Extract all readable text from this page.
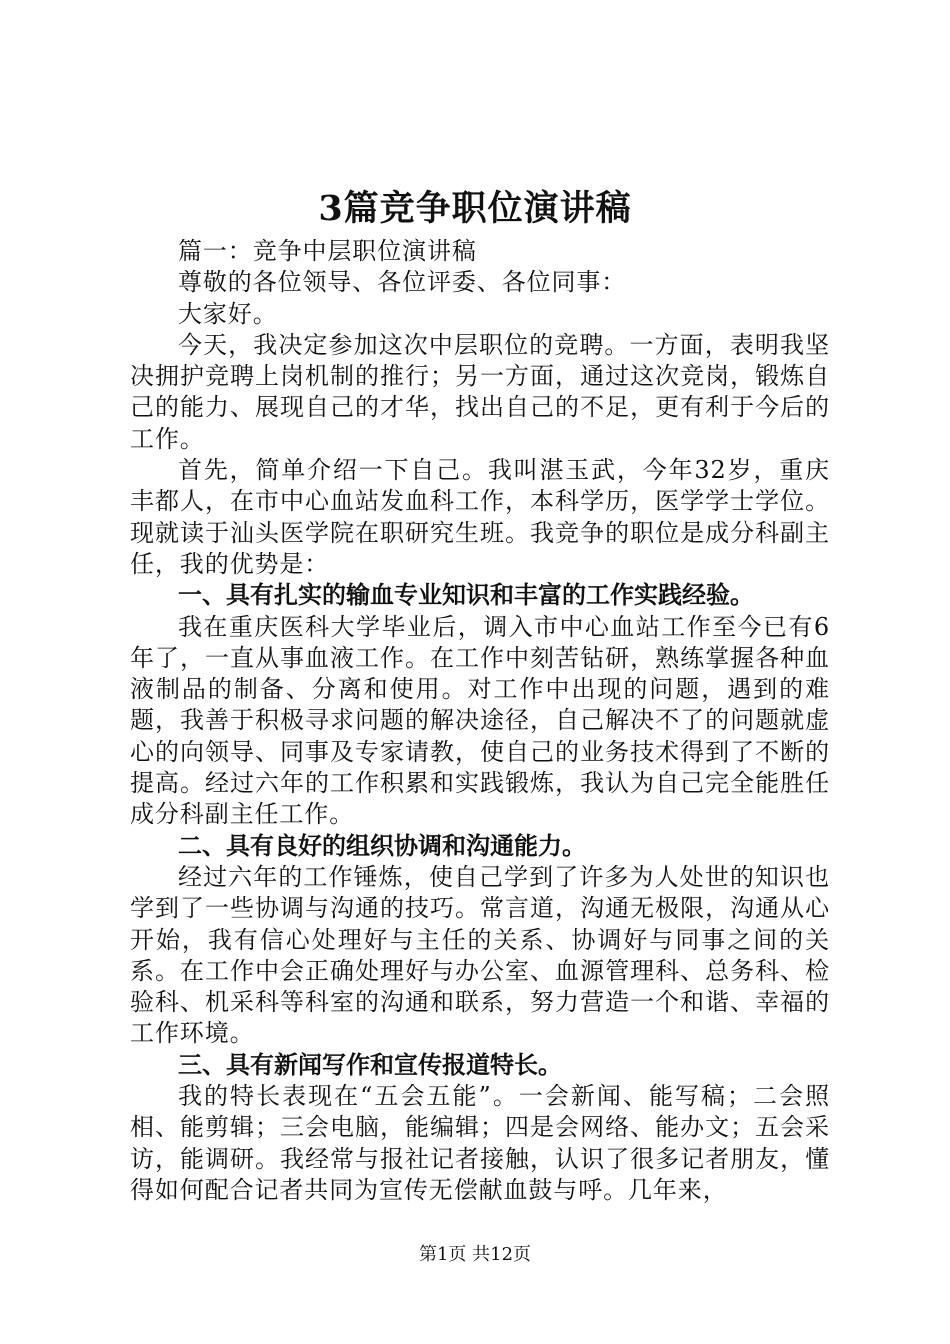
3篇竞争职位演讲稿

篇一：竞争中层职位演讲稿

尊敬的各位领导、各位评委、各位同事：

大家好。

今天，我决定参加这次中层职位的竞聘。一方面，表明我坚决拥护竞聘上岗机制的推行；另一方面，通过这次竞岗，锻炼自己的能力、展现自己的才华，找出自己的不足，更有利于今后的工作。

首先，简单介绍一下自己。我叫湛玉武，今年32岁，重庆丰都人，在市中心血站发血科工作，本科学历，医学学士学位。现就读于汕头医学院在职研究生班。我竞争的职位是成分科副主任，我的优势是：

一、具有扎实的输血专业知识和丰富的工作实践经验。

我在重庆医科大学毕业后，调入市中心血站工作至今已有6年了，一直从事血液工作。在工作中刻苦钻研，熟练掌握各种血液制品的制备、分离和使用。对工作中出现的问题，遇到的难题，我善于积极寻求问题的解决途径，自己解决不了的问题就虚心的向领导、同事及专家请教，使自己的业务技术得到了不断的提高。经过六年的工作积累和实践锻炼，我认为自己完全能胜任成分科副主任工作。

二、具有良好的组织协调和沟通能力。

经过六年的工作锤炼，使自己学到了许多为人处世的知识也学到了一些协调与沟通的技巧。常言道，沟通无极限，沟通从心开始，我有信心处理好与主任的关系、协调好与同事之间的关系。在工作中会正确处理好与办公室、血源管理科、总务科、检验科、机采科等科室的沟通和联系，努力营造一个和谐、幸福的工作环境。

三、具有新闻写作和宣传报道特长。

我的特长表现在“五会五能”。一会新闻、能写稿；二会照相、能剪辑；三会电脑，能编辑；四是会网络、能办文；五会采访，能调研。我经常与报社记者接触，认识了很多记者朋友，懂得如何配合记者共同为宣传无偿献血鼓与呼。几年来，

第1页 共12页
